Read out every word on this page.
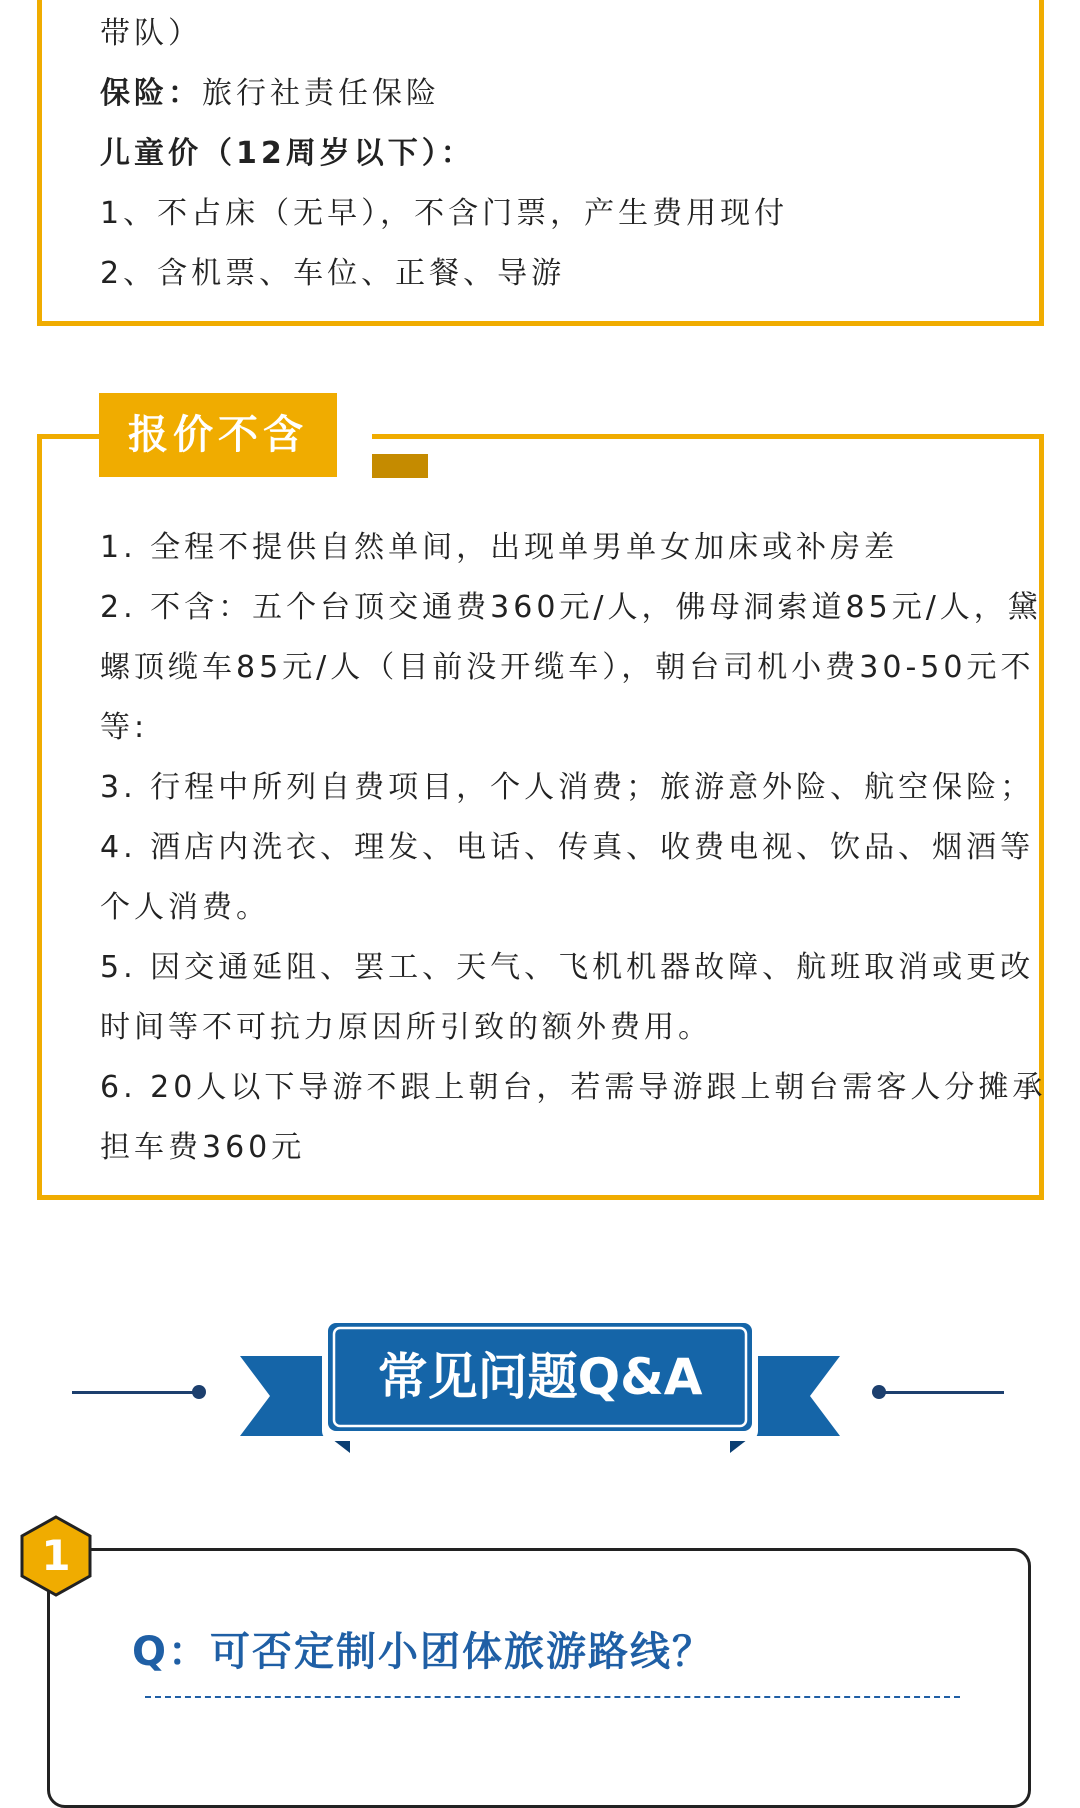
带队）
保险：旅行社责任保险
儿童价（12周岁以下）：
1、不占床（无早），不含门票，产生费用现付
2、含机票、车位、正餐、导游
报价不含
1. 全程不提供自然单间，出现单男单女加床或补房差
2. 不含：五个台顶交通费360元/人，佛母洞索道85元/人，黛
螺顶缆车85元/人（目前没开缆车），朝台司机小费30-50元不
等:
3. 行程中所列自费项目，个人消费；旅游意外险、航空保险；
4. 酒店内洗衣、理发、电话、传真、收费电视、饮品、烟酒等
个人消费。
5. 因交通延阻、罢工、天气、飞机机器故障、航班取消或更改
时间等不可抗力原因所引致的额外费用。
6. 20人以下导游不跟上朝台，若需导游跟上朝台需客人分摊承
担车费360元
常见问题Q&A
1
Q：可否定制小团体旅游路线？
